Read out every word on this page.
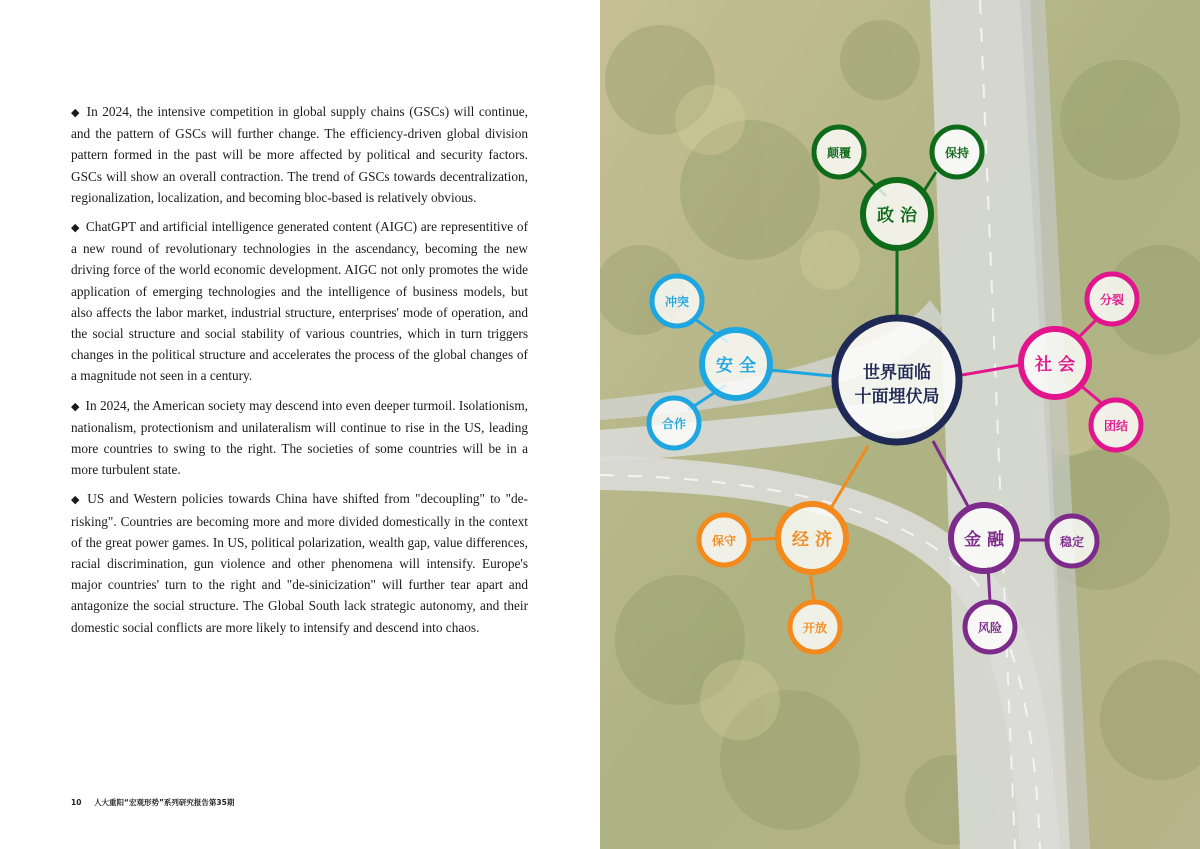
◆ In 2024, the intensive competition in global supply chains (GSCs) will continue, and the pattern of GSCs will further change. The efficiency-driven global division pattern formed in the past will be more affected by political and security factors. GSCs will show an overall contraction. The trend of GSCs towards decentralization, regionalization, localization, and becoming bloc-based is relatively obvious.

◆ ChatGPT and artificial intelligence generated content (AIGC) are representitive of a new round of revolutionary technologies in the ascendancy, becoming the new driving force of the world economic development. AIGC not only promotes the wide application of emerging technologies and the intelligence of business models, but also affects the labor market, industrial structure, enterprises' mode of operation, and the social structure and social stability of various countries, which in turn triggers changes in the political structure and accelerates the process of the global changes of a magnitude not seen in a century.

◆ In 2024, the American society may descend into even deeper turmoil. Isolationism, nationalism, protectionism and unilateralism will continue to rise in the US, leading more countries to swing to the right. The societies of some countries will be in a more turbulent state.

◆ US and Western policies towards China have shifted from "decoupling" to "de-risking". Countries are becoming more and more divided domestically in the context of the great power games. In US, political polarization, wealth gap, value differences, racial discrimination, gun violence and other phenomena will intensify. Europe's major countries' turn to the right and "de-sinicization" will further tear apart and antagonize the social structure. The Global South lack strategic autonomy, and their domestic social conflicts are more likely to intensify and descend into chaos.

10 人大重阳“宏观形势”系列研究报告第35期
世界面临
十面埋伏局
政 治
颠覆	保持
安 全
冲突
合作
社 会
分裂
团结
经 济
保守
开放
金 融	稳定
风险
